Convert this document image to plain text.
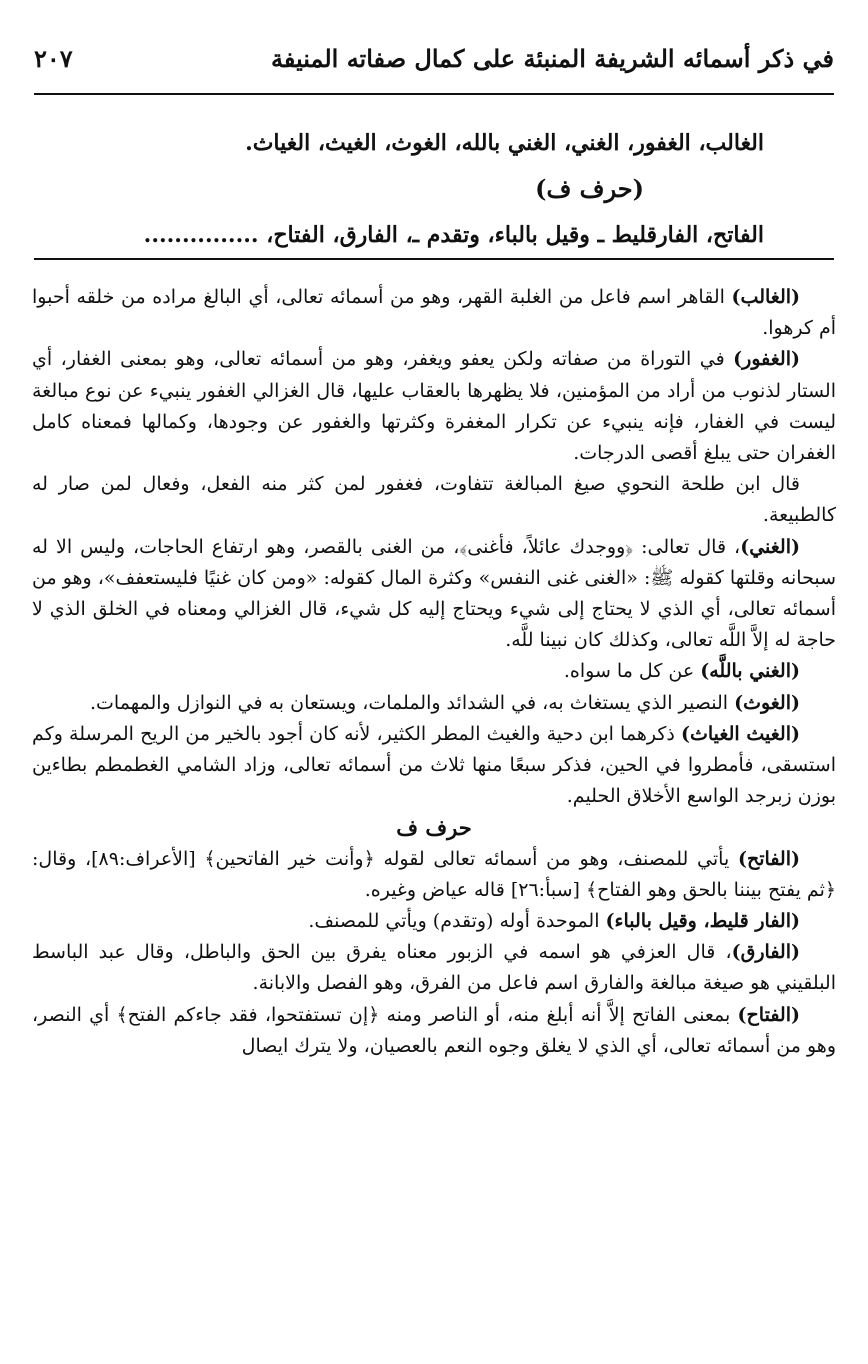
في ذكر أسمائه الشريفة المنبئة على كمال صفاته المنيفة
٢٠٧
الغالب، الغفور، الغني، الغني بالله، الغوث، الغيث، الغياث.
(حرف ف)
الفاتح، الفارقليط ـ وقيل بالباء، وتقدم ـ، الفارق، الفتاح، ...............

(الغالب) القاهر اسم فاعل من الغلبة القهر، وهو من أسمائه تعالى، أي البالغ مراده من خلقه أحبوا أم كرهوا.

(الغفور) في التوراة من صفاته ولكن يعفو ويغفر، وهو من أسمائه تعالى، وهو بمعنى الغفار، أي الستار لذنوب من أراد من المؤمنين، فلا يظهرها بالعقاب عليها، قال الغزالي الغفور ينبيء عن نوع مبالغة ليست في الغفار، فإنه ينبيء عن تكرار المغفرة وكثرتها والغفور عن وجودها، وكمالها فمعناه كامل الغفران حتى يبلغ أقصى الدرجات.

قال ابن طلحة النحوي صيغ المبالغة تتفاوت، فغفور لمن كثر منه الفعل، وفعال لمن صار له كالطبيعة.

(الغني)، قال تعالى: ﴿ووجدك عائلاً، فأغنى﴾، من الغنى بالقصر، وهو ارتفاع الحاجات، وليس الا له سبحانه وقلتها كقوله ﷺ: «الغنى غنى النفس» وكثرة المال كقوله: «ومن كان غنيًا فليستعفف»، وهو من أسمائه تعالى، أي الذي لا يحتاج إلى شيء ويحتاج إليه كل شيء، قال الغزالي ومعناه في الخلق الذي لا حاجة له إلاَّ اللَّه تعالى، وكذلك كان نبينا للَّه.

(الغني باللَّه) عن كل ما سواه.

(الغوث) النصير الذي يستغاث به، في الشدائد والملمات، ويستعان به في النوازل والمهمات.

(الغيث الغياث) ذكرهما ابن دحية والغيث المطر الكثير، لأنه كان أجود بالخير من الريح المرسلة وكم استسقى، فأمطروا في الحين، فذكر سبعًا منها ثلاث من أسمائه تعالى، وزاد الشامي الغطمطم بطاءين بوزن زبرجد الواسع الأخلاق الحليم.

حرف ف

(الفاتح) يأتي للمصنف، وهو من أسمائه تعالى لقوله ﴿وأنت خير الفاتحين﴾ [الأعراف:٨٩]، وقال: ﴿ثم يفتح بيننا بالحق وهو الفتاح﴾ [سبأ:٢٦] قاله عياض وغيره.

(الفار قليط، وقيل بالباء) الموحدة أوله (وتقدم) ويأتي للمصنف.

(الفارق)، قال العزفي هو اسمه في الزبور معناه يفرق بين الحق والباطل، وقال عبد الباسط البلقيني هو صيغة مبالغة والفارق اسم فاعل من الفرق، وهو الفصل والابانة.

(الفتاح) بمعنى الفاتح إلاَّ أنه أبلغ منه، أو الناصر ومنه ﴿إن تستفتحوا، فقد جاءكم الفتح﴾ أي النصر، وهو من أسمائه تعالى، أي الذي لا يغلق وجوه النعم بالعصيان، ولا يترك ايصال
